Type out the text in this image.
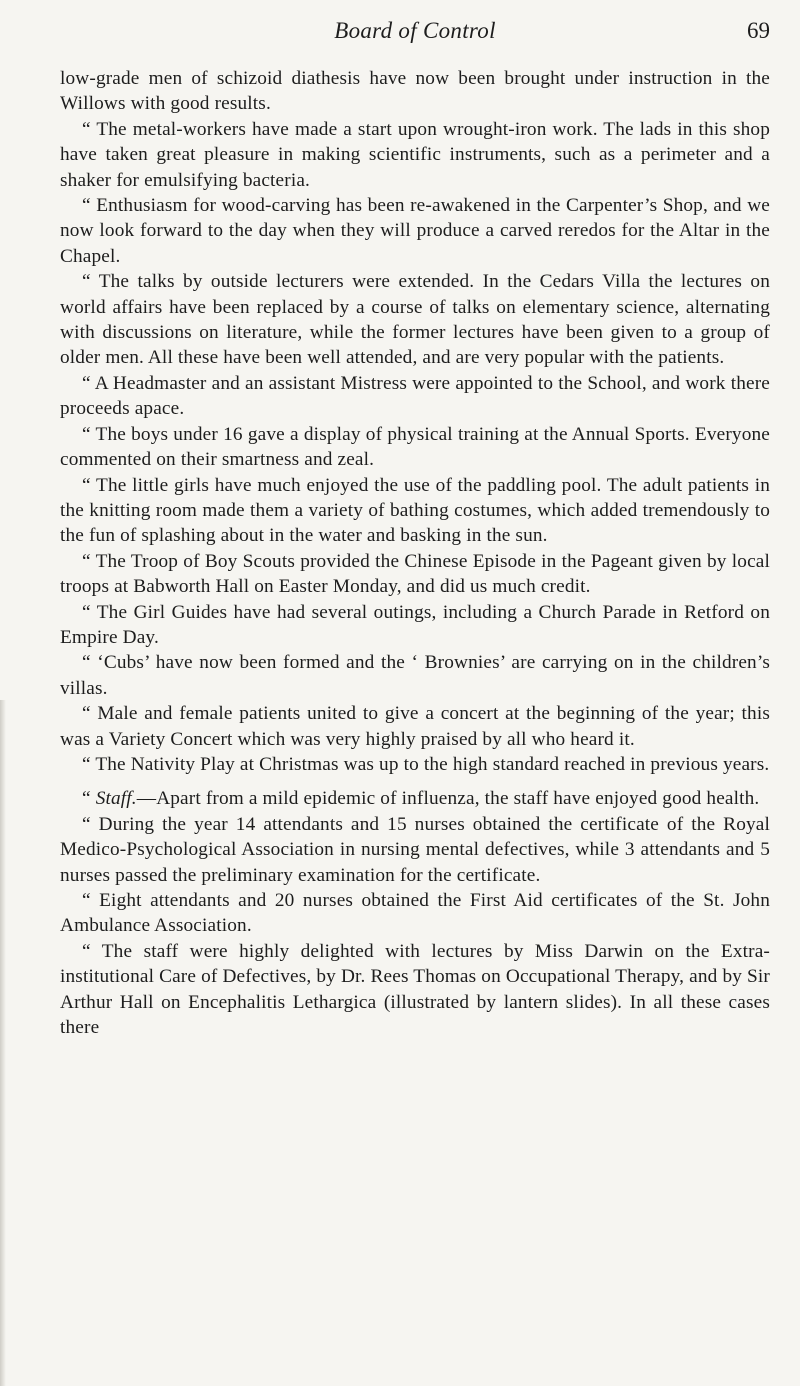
Board of Control	69

low-grade men of schizoid diathesis have now been brought under instruction in the Willows with good results.

“ The metal-workers have made a start upon wrought-iron work. The lads in this shop have taken great pleasure in making scientific instruments, such as a perimeter and a shaker for emulsifying bacteria.

“ Enthusiasm for wood-carving has been re-awakened in the Carpenter’s Shop, and we now look forward to the day when they will produce a carved reredos for the Altar in the Chapel.

“ The talks by outside lecturers were extended. In the Cedars Villa the lectures on world affairs have been replaced by a course of talks on elementary science, alternating with discussions on literature, while the former lectures have been given to a group of older men. All these have been well attended, and are very popular with the patients.

“ A Headmaster and an assistant Mistress were appointed to the School, and work there proceeds apace.

“ The boys under 16 gave a display of physical training at the Annual Sports. Everyone commented on their smartness and zeal.

“ The little girls have much enjoyed the use of the paddling pool. The adult patients in the knitting room made them a variety of bathing costumes, which added tremendously to the fun of splashing about in the water and basking in the sun.

“ The Troop of Boy Scouts provided the Chinese Episode in the Pageant given by local troops at Babworth Hall on Easter Monday, and did us much credit.

“ The Girl Guides have had several outings, including a Church Parade in Retford on Empire Day.

“ ‘Cubs’ have now been formed and the ‘ Brownies’ are carrying on in the children’s villas.

“ Male and female patients united to give a concert at the beginning of the year; this was a Variety Concert which was very highly praised by all who heard it.

“ The Nativity Play at Christmas was up to the high standard reached in previous years.

“ Staff.—Apart from a mild epidemic of influenza, the staff have enjoyed good health.

“ During the year 14 attendants and 15 nurses obtained the certificate of the Royal Medico-Psychological Association in nursing mental defectives, while 3 attendants and 5 nurses passed the preliminary examination for the certificate.

“ Eight attendants and 20 nurses obtained the First Aid certificates of the St. John Ambulance Association.

“ The staff were highly delighted with lectures by Miss Darwin on the Extra-institutional Care of Defectives, by Dr. Rees Thomas on Occupational Therapy, and by Sir Arthur Hall on Encephalitis Lethargica (illustrated by lantern slides). In all these cases there
